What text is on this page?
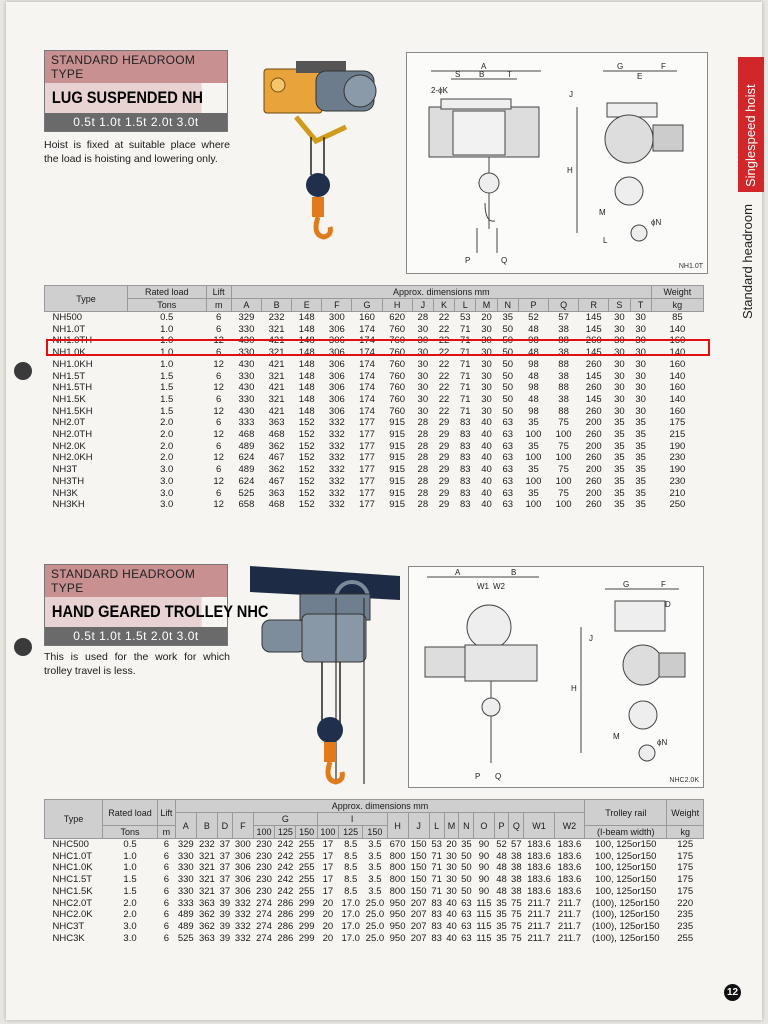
Singlespeed hoist
Standard headroom
STANDARD HEADROOM TYPE
LUG SUSPENDED NH
0.5t 1.0t 1.5t 2.0t 3.0t
Hoist is fixed at suitable place where the load is hoisting and lowering only.
A
B
S	T
2-ϕK
P	Q
G	F
E
J
H
M
ϕN
L
NH1.0T
Type	Rated load	Lift	Approx. dimensions mm																Weight
	Tons	m	A	B	E	F	G	H	J	K	L	M	N	P	Q	R	S	T	kg
NH500	0.5	6	329	232	148	300	160	620	28	22	53	20	35	52	57	145	30	30	85
NH1.0T	1.0	6	330	321	148	306	174	760	30	22	71	30	50	48	38	145	30	30	140
NH1.0TH	1.0	12	430	421	148	306	174	760	30	22	71	30	50	98	88	260	30	30	160
NH1.0K	1.0	6	330	321	148	306	174	760	30	22	71	30	50	48	38	145	30	30	140
NH1.0KH	1.0	12	430	421	148	306	174	760	30	22	71	30	50	98	88	260	30	30	160
NH1.5T	1.5	6	330	321	148	306	174	760	30	22	71	30	50	48	38	145	30	30	140
NH1.5TH	1.5	12	430	421	148	306	174	760	30	22	71	30	50	98	88	260	30	30	160
NH1.5K	1.5	6	330	321	148	306	174	760	30	22	71	30	50	48	38	145	30	30	140
NH1.5KH	1.5	12	430	421	148	306	174	760	30	22	71	30	50	98	88	260	30	30	160
NH2.0T	2.0	6	333	363	152	332	177	915	28	29	83	40	63	35	75	200	35	35	175
NH2.0TH	2.0	12	468	468	152	332	177	915	28	29	83	40	63	100	100	260	35	35	215
NH2.0K	2.0	6	489	362	152	332	177	915	28	29	83	40	63	35	75	200	35	35	190
NH2.0KH	2.0	12	624	467	152	332	177	915	28	29	83	40	63	100	100	260	35	35	230
NH3T	3.0	6	489	362	152	332	177	915	28	29	83	40	63	35	75	200	35	35	190
NH3TH	3.0	12	624	467	152	332	177	915	28	29	83	40	63	100	100	260	35	35	230
NH3K	3.0	6	525	363	152	332	177	915	28	29	83	40	63	35	75	200	35	35	210
NH3KH	3.0	12	658	468	152	332	177	915	28	29	83	40	63	100	100	260	35	35	250
STANDARD HEADROOM TYPE
HAND GEARED TROLLEY NHC
0.5t 1.0t 1.5t 2.0t 3.0t
This is used for the work for which trolley travel is less.
A	B
W1 W2
P Q
G	F
D
J
H
M
ϕN
NHC2.0K
Type	Rated load	Lift	Approx. dimensions mm																				Trolley rail	Weight
			A	B	D	F	G			I			H	J	L	M	N	O	P	Q	W1	W2		
	Tons	m					100	125	150	100	125	150											(I-beam width)	kg
NHC500	0.5	6	329	232	37	300	230	242	255	17	8.5	3.5	670	150	53	20	35	90	52	57	183.6	183.6	100, 125or150	125
NHC1.0T	1.0	6	330	321	37	306	230	242	255	17	8.5	3.5	800	150	71	30	50	90	48	38	183.6	183.6	100, 125or150	175
NHC1.0K	1.0	6	330	321	37	306	230	242	255	17	8.5	3.5	800	150	71	30	50	90	48	38	183.6	183.6	100, 125or150	175
NHC1.5T	1.5	6	330	321	37	306	230	242	255	17	8.5	3.5	800	150	71	30	50	90	48	38	183.6	183.6	100, 125or150	175
NHC1.5K	1.5	6	330	321	37	306	230	242	255	17	8.5	3.5	800	150	71	30	50	90	48	38	183.6	183.6	100, 125or150	175
NHC2.0T	2.0	6	333	363	39	332	274	286	299	20	17.0	25.0	950	207	83	40	63	115	35	75	211.7	211.7	(100), 125or150	220
NHC2.0K	2.0	6	489	362	39	332	274	286	299	20	17.0	25.0	950	207	83	40	63	115	35	75	211.7	211.7	(100), 125or150	235
NHC3T	3.0	6	489	362	39	332	274	286	299	20	17.0	25.0	950	207	83	40	63	115	35	75	211.7	211.7	(100), 125or150	235
NHC3K	3.0	6	525	363	39	332	274	286	299	20	17.0	25.0	950	207	83	40	63	115	35	75	211.7	211.7	(100), 125or150	255
12
